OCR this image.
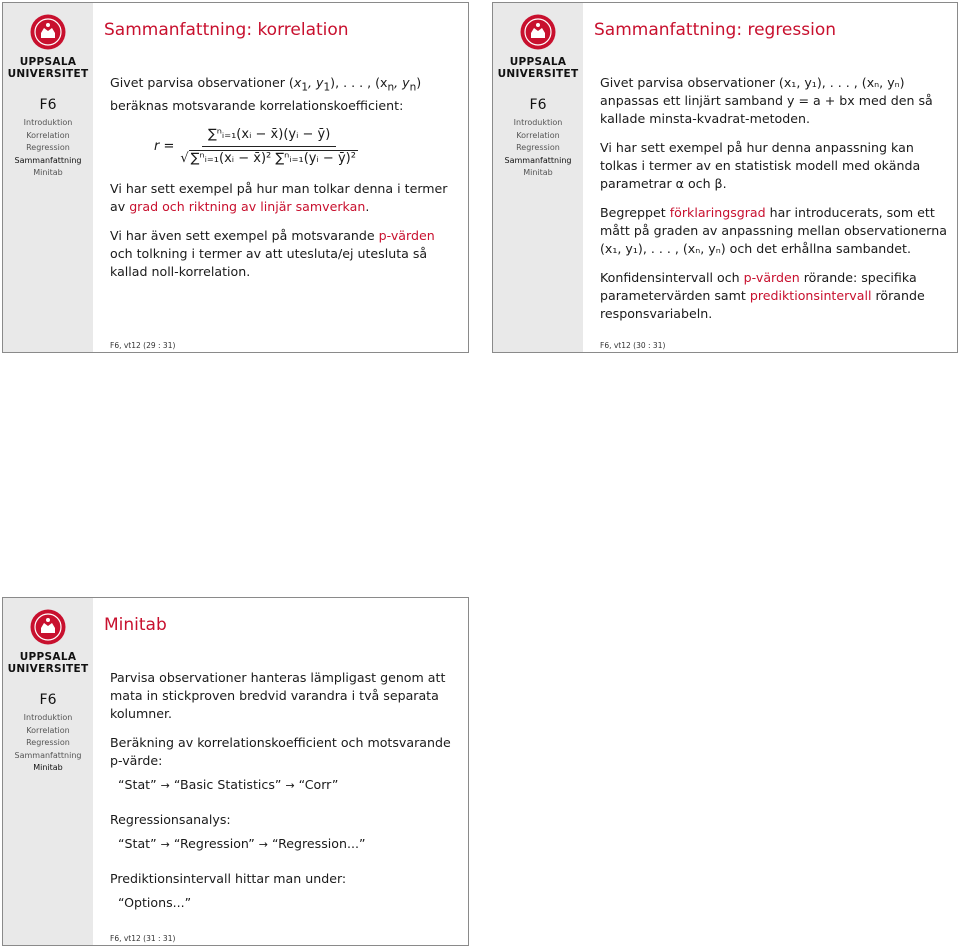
UPPSALA
UNIVERSITET
F6
Introduktion
Korrelation
Regression
Sammanfattning
Minitab
Sammanfattning: korrelation

Givet parvisa observationer ($x_1$, $y_1$), . . . , ($x_n$, $y_n$) beräknas motsvarande korrelationskoefficient:

$r = \frac{\text{∑ⁿᵢ₌₁(xᵢ − x̄)(yᵢ − ȳ)}}{\text{√ ∑ⁿᵢ₌₁(xᵢ − x̄)² ∑ⁿᵢ₌₁(yᵢ − ȳ)²}}$

Vi har sett exempel på hur man tolkar denna i termer av grad och riktning av linjär samverkan.

Vi har även sett exempel på motsvarande p-värden och tolkning i termer av att utesluta/ej utesluta så kallad noll-korrelation.

F6, vt12 (29 : 31)
UPPSALA
UNIVERSITET
F6
Introduktion
Korrelation
Regression
Sammanfattning
Minitab
Sammanfattning: regression

Givet parvisa observationer (x₁, y₁), . . . , (xₙ, yₙ) anpassas ett linjärt samband y = a + bx med den så kallade minsta-kvadrat-metoden.

Vi har sett exempel på hur denna anpassning kan tolkas i termer av en statistisk modell med okända parametrar α och β.

Begreppet förklaringsgrad har introducerats, som ett mått på graden av anpassning mellan observationerna (x₁, y₁), . . . , (xₙ, yₙ) och det erhållna sambandet.

Konfidensintervall och p-värden rörande: specifika parametervärden samt prediktionsintervall rörande responsvariabeln.

F6, vt12 (30 : 31)
UPPSALA
UNIVERSITET
F6
Introduktion
Korrelation
Regression
Sammanfattning
Minitab
Minitab

Parvisa observationer hanteras lämpligast genom att mata in stickproven bredvid varandra i två separata kolumner.

Beräkning av korrelationskoefficient och motsvarande p-värde:

“Stat” → “Basic Statistics” → “Corr”

Regressionsanalys:

“Stat” → “Regression” → “Regression...”

Prediktionsintervall hittar man under:

“Options...”
F6, vt12 (31 : 31)
